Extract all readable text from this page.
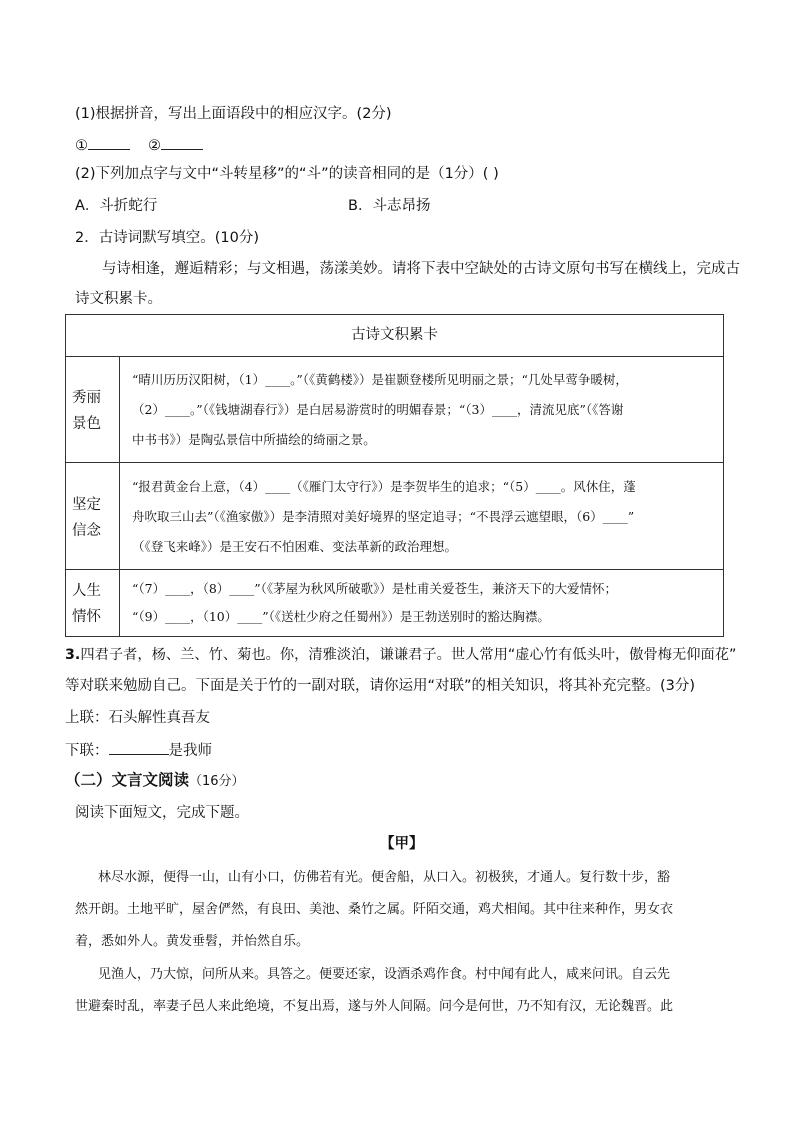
(1)根据拼音，写出上面语段中的相应汉字。(2分)
①	②
(2)下列加点字与文中“斗转星移”的“斗”的读音相同的是（1分）( )
A．斗折蛇行	B．斗志昂扬
2．古诗词默写填空。(10分)
与诗相逢，邂逅精彩；与文相遇，荡漾美妙。请将下表中空缺处的古诗文原句书写在横线上，完成古
诗文积累卡。
古诗文积累卡
秀丽
景色
“晴川历历汉阳树，（1）____。”（《黄鹤楼》）是崔颢登楼所见明丽之景；“几处早莺争暖树，
（2）____。”（《钱塘湖春行》）是白居易游赏时的明媚春景；“（3）____，清流见底”（《答谢
中书书》）是陶弘景信中所描绘的绮丽之景。
坚定
信念
“报君黄金台上意，（4）____（《雁门太守行》）是李贺毕生的追求；“（5）____。风休住，蓬
舟吹取三山去”（《渔家傲》）是李清照对美好境界的坚定追寻；“不畏浮云遮望眼，（6）____”
（《登飞来峰》）是王安石不怕困难、变法革新的政治理想。
人生
情怀
“（7）____，（8）____”（《茅屋为秋风所破歌》）是杜甫关爱苍生，兼济天下的大爱情怀；
“（9）____，（10）____”（《送杜少府之任蜀州》）是王勃送别时的豁达胸襟。
3.四君子者，杨、兰、竹、菊也。你，清雅淡泊，谦谦君子。世人常用“虚心竹有低头叶，傲骨梅无仰面花”
等对联来勉励自己。下面是关于竹的一副对联，请你运用“对联”的相关知识，将其补充完整。(3分)
上联：石头解性真吾友
下联：	是我师
（二）文言文阅读（16分）
阅读下面短文，完成下题。
【甲】
林尽水源，便得一山，山有小口，仿佛若有光。便舍船，从口入。初极狭，才通人。复行数十步，豁
然开朗。土地平旷，屋舍俨然，有良田、美池、桑竹之属。阡陌交通，鸡犬相闻。其中往来种作，男女衣
着，悉如外人。黄发垂髫，并怡然自乐。
见渔人，乃大惊，问所从来。具答之。便要还家，设酒杀鸡作食。村中闻有此人，咸来问讯。自云先
世避秦时乱，率妻子邑人来此绝境，不复出焉，遂与外人间隔。问今是何世，乃不知有汉，无论魏晋。此
